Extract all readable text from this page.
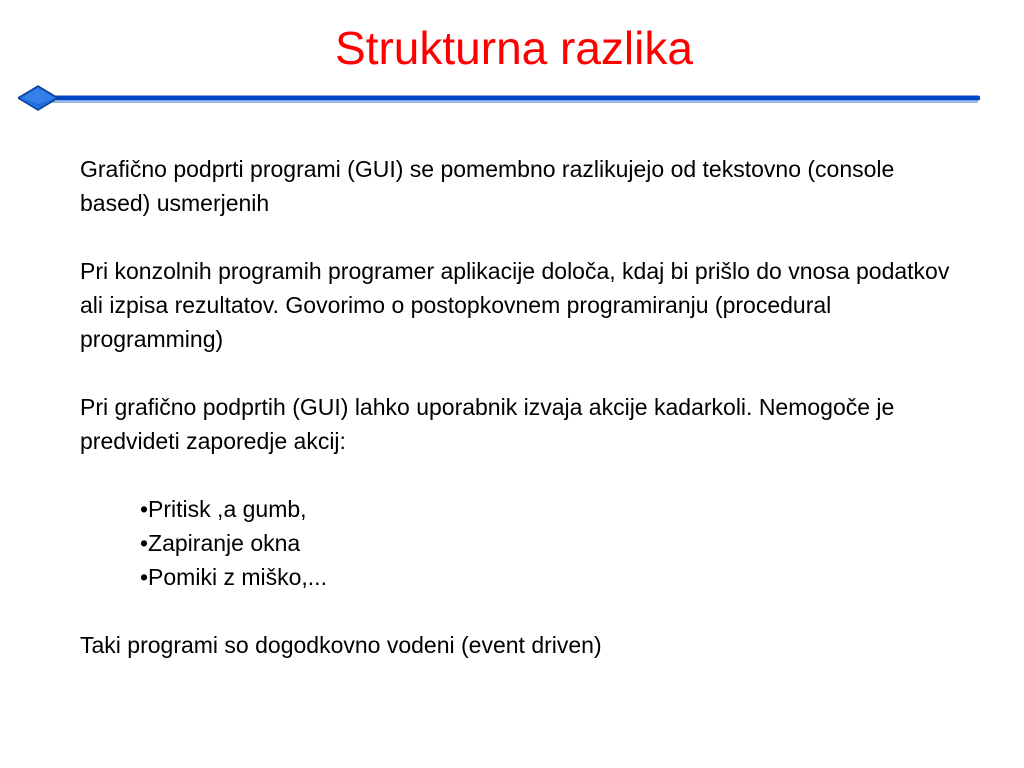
Strukturna razlika

Grafično podprti programi (GUI) se pomembno razlikujejo od tekstovno (console based) usmerjenih

Pri konzolnih programih programer aplikacije določa, kdaj bi prišlo do vnosa podatkov ali izpisa rezultatov. Govorimo o postopkovnem programiranju (procedural programming)

Pri grafično podprtih (GUI) lahko uporabnik izvaja akcije kadarkoli. Nemogoče je predvideti zaporedje akcij:

•Pritisk ,a gumb,
•Zapiranje okna
•Pomiki z miško,...

Taki programi so dogodkovno vodeni (event driven)
